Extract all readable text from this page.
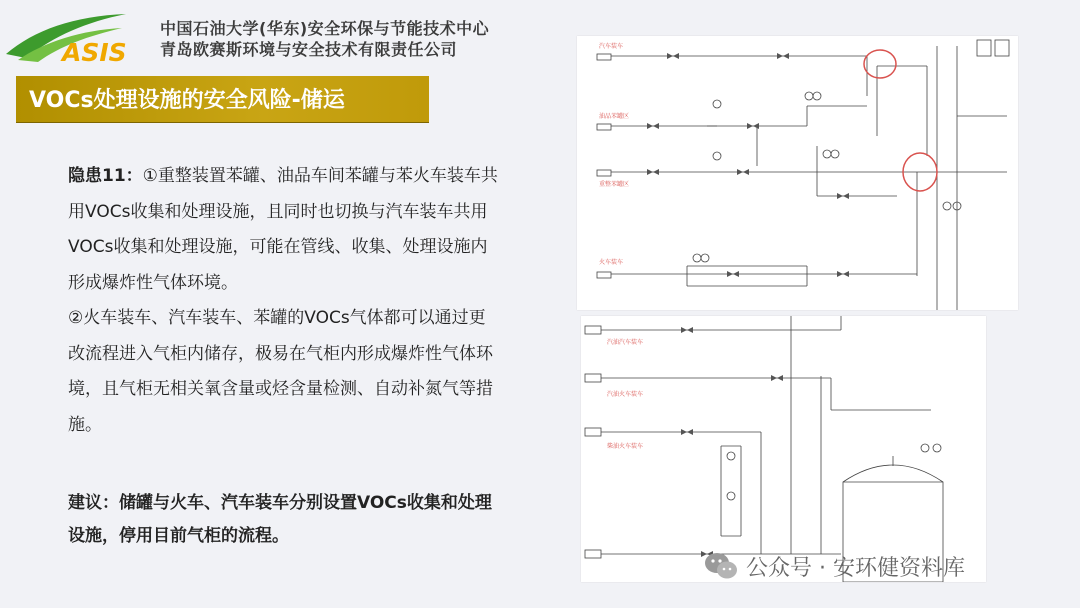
ASIS
中国石油大学(华东)安全环保与节能技术中心
青岛欧赛斯环境与安全技术有限责任公司
VOCs处理设施的安全风险-储运

隐患11：①重整装置苯罐、油品车间苯罐与苯火车装车共用VOCs收集和处理设施，且同时也切换与汽车装车共用VOCs收集和处理设施，可能在管线、收集、处理设施内形成爆炸性气体环境。

②火车装车、汽车装车、苯罐的VOCs气体都可以通过更改流程进入气柜内储存，极易在气柜内形成爆炸性气体环境，且气柜无相关氧含量或烃含量检测、自动补氮气等措施。

建议：储罐与火车、汽车装车分别设置VOCs收集和处理设施，停用目前气柜的流程。
汽车装车
油品苯罐区
重整苯罐区
火车装车
汽油汽车装车
汽油火车装车
柴油火车装车
公众号 · 安环健资料库
